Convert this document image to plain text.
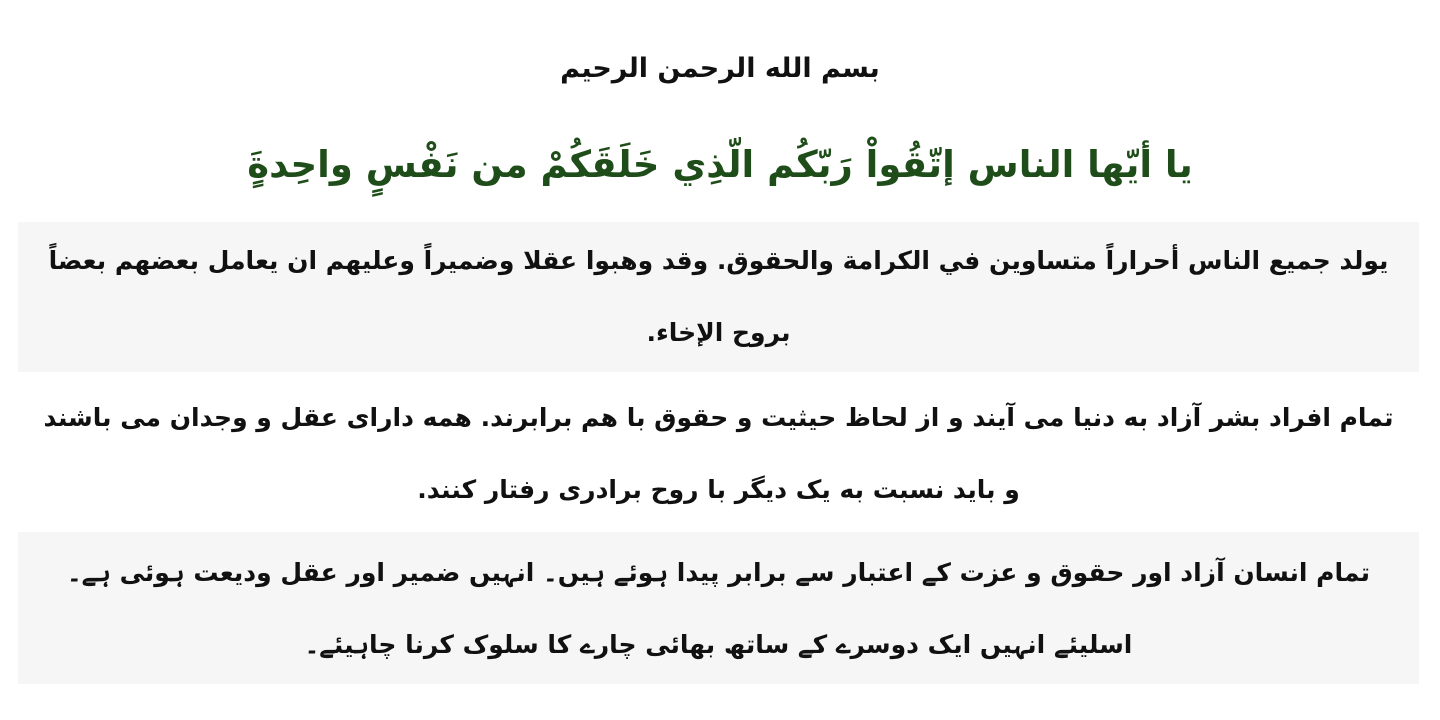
بسم الله الرحمن الرحيم
يا أيّها الناس إتّقُواْ رَبّكُم الّذِي خَلَقَكُمْ من نَفْسٍ واحِدةٍَ

يولد جميع الناس أحراراً متساوين في الكرامة والحقوق. وقد وهبوا عقلا وضميراً وعليهم ان يعامل بعضهم بعضاً بروح الإخاء.

تمام افراد بشر آزاد به دنیا می آیند و از لحاظ حیثیت و حقوق با هم برابرند. همه دارای عقل و وجدان می باشند و باید نسبت به یک دیگر با روح برادری رفتار کنند.

تمام انسان آزاد اور حقوق و عزت کے اعتبار سے برابر پیدا ہوئے ہیں۔ انہیں ضمیر اور عقل ودیعت ہوئی ہے۔ اسلیئے انہیں ایک دوسرے کے ساتھ بھائی چارے کا سلوک کرنا چاہیئے۔
